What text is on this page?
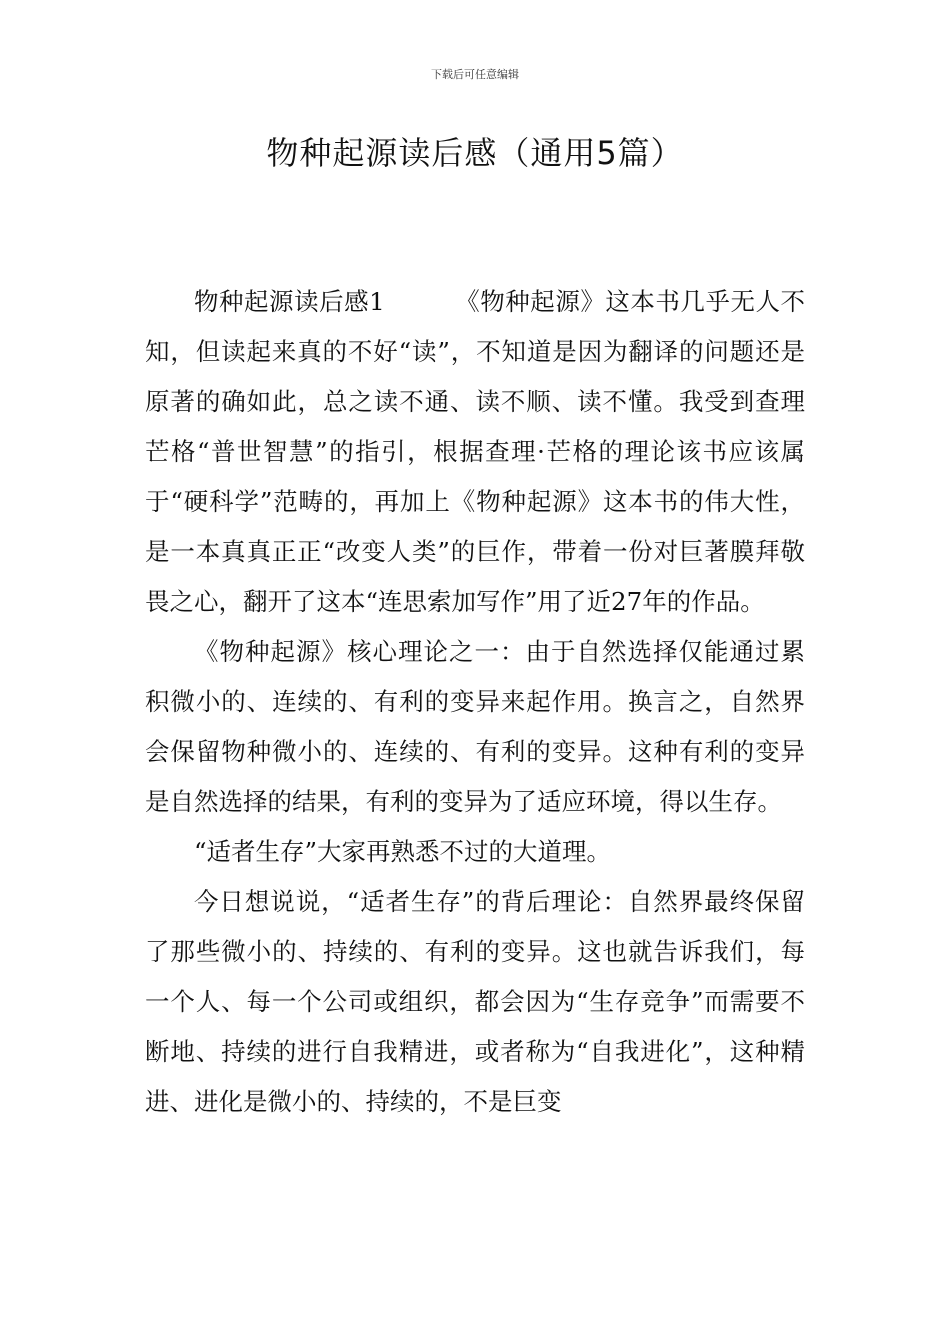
下载后可任意编辑
物种起源读后感（通用5篇）

物种起源读后感1	《物种起源》这本书几乎无人不知，但读起来真的不好“读”，不知道是因为翻译的问题还是原著的确如此，总之读不通、读不顺、读不懂。我受到查理芒格“普世智慧”的指引，根据查理·芒格的理论该书应该属于“硬科学”范畴的，再加上《物种起源》这本书的伟大性，是一本真真正正“改变人类”的巨作，带着一份对巨著膜拜敬畏之心，翻开了这本“连思索加写作”用了近27年的作品。

《物种起源》核心理论之一：由于自然选择仅能通过累积微小的、连续的、有利的变异来起作用。换言之，自然界会保留物种微小的、连续的、有利的变异。这种有利的变异是自然选择的结果，有利的变异为了适应环境，得以生存。

“适者生存”大家再熟悉不过的大道理。

今日想说说，“适者生存”的背后理论：自然界最终保留了那些微小的、持续的、有利的变异。这也就告诉我们，每一个人、每一个公司或组织，都会因为“生存竞争”而需要不断地、持续的进行自我精进，或者称为“自我进化”，这种精进、进化是微小的、持续的，不是巨变
